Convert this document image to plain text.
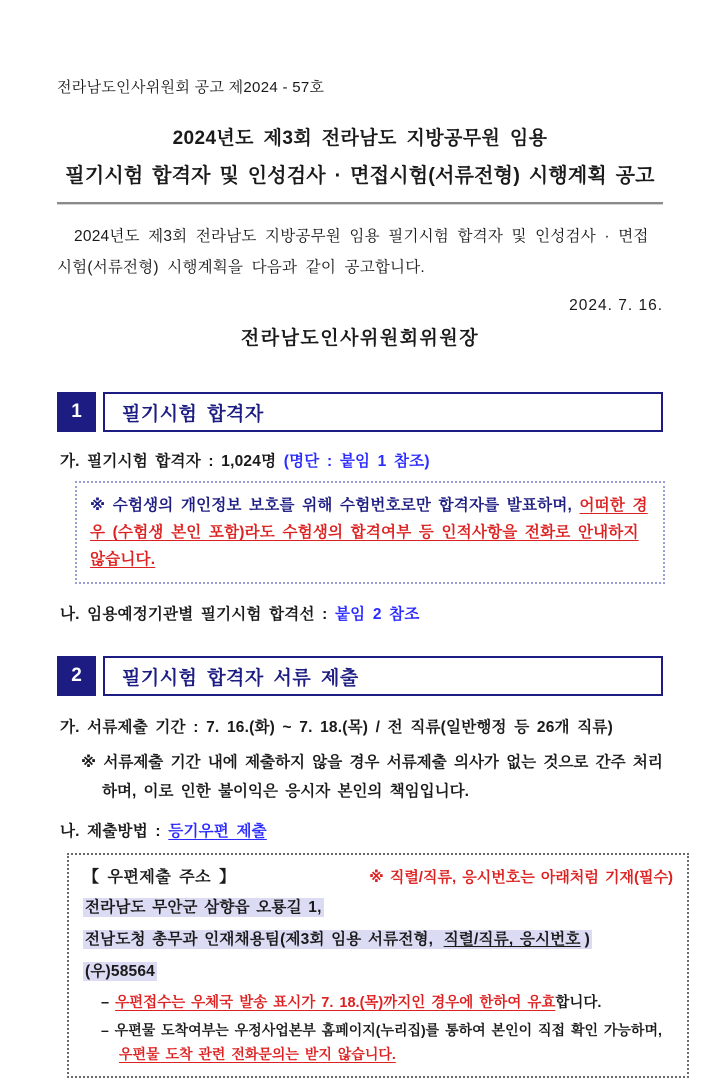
전라남도인사위원회 공고 제2024 - 57호
2024년도 제3회 전라남도 지방공무원 임용
필기시험 합격자 및 인성검사 · 면접시험(서류전형) 시행계획 공고

2024년도 제3회 전라남도 지방공무원 임용 필기시험 합격자 및 인성검사 · 면접시험(서류전형) 시행계획을 다음과 같이 공고합니다.

2024. 7. 16.
전라남도인사위원회위원장
1	필기시험 합격자
가. 필기시험 합격자 : 1,024명 (명단 : 붙임 1 참조)
※ 수험생의 개인정보 보호를 위해 수험번호로만 합격자를 발표하며, 어떠한 경우 (수험생 본인 포함)라도 수험생의 합격여부 등 인적사항을 전화로 안내하지 않습니다.
나. 임용예정기관별 필기시험 합격선 : 붙임 2 참조
2	필기시험 합격자 서류 제출
가. 서류제출 기간 : 7. 16.(화) ~ 7. 18.(목) / 전 직류(일반행정 등 26개 직류)
※ 서류제출 기간 내에 제출하지 않을 경우 서류제출 의사가 없는 것으로 간주 처리하며, 이로 인한 불이익은 응시자 본인의 책임입니다.
나. 제출방법 : 등기우편 제출
【 우편제출 주소 】	※ 직렬/직류, 응시번호는 아래처럼 기재(필수)
전라남도 무안군 삼향읍 오룡길 1,
전남도청 총무과 인재채용팀(제3회 임용 서류전형, 직렬/직류, 응시번호 )
(우)58564
– 우편접수는 우체국 발송 표시가 7. 18.(목)까지인 경우에 한하여 유효합니다.
– 우편물 도착여부는 우정사업본부 홈페이지(누리집)를 통하여 본인이 직접 확인 가능하며, 우편물 도착 관련 전화문의는 받지 않습니다.
